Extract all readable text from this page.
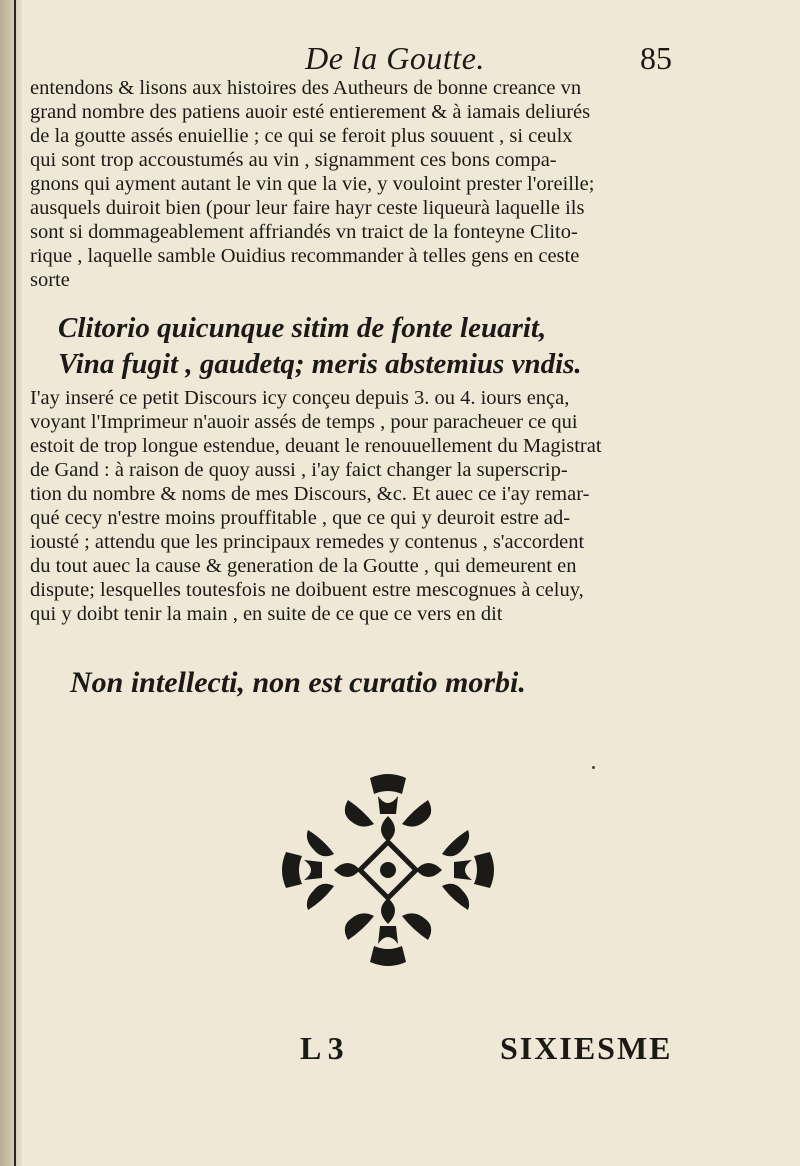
De la Goutte.	85
entendons & lisons aux histoires des Autheurs de bonne creance vn
grand nombre des patiens auoir esté entierement & à iamais deliurés
de la goutte assés enuiellie ; ce qui se feroit plus souuent , si ceulx
qui sont trop accoustumés au vin , signamment ces bons compa-
gnons qui ayment autant le vin que la vie, y vouloint prester l'oreille;
ausquels duiroit bien (pour leur faire hayr ceste liqueurà laquelle ils
sont si dommageablement affriandés vn traiсt de la fonteyne Clito-
rique , laquelle samble Ouidius recommander à telles gens en ceste
sorte
Clitorio quicunque sitim de fonte leuarit,
Vina fugit , gaudetq; meris abstemius vndis.
I'ay inseré ce petit Discours icy conçeu depuis 3. ou 4. iours ença,
voyant l'Imprimeur n'auoir assés de temps , pour paracheuer ce qui
estoit de trop longue estendue, deuant le renouuellement du Magistrat
de Gand : à raison de quoy aussi , i'ay faict changer la superscrip-
tion du nombre & noms de mes Discours, &c. Et auec ce i'ay remar-
qué cecy n'estre moins prouffitable , que ce qui y deuroit estre ad-
iousté ; attendu que les principaux remedes y contenus , s'accordent
du tout auec la cause & generation de la Goutte , qui demeurent en
dispute; lesquelles toutesfois ne doibuent estre mescognues à celuy,
qui y doibt tenir la main , en suite de ce que ce vers en dit
Non intellecti, non est curatio morbi.
L 3	SIXIESME
